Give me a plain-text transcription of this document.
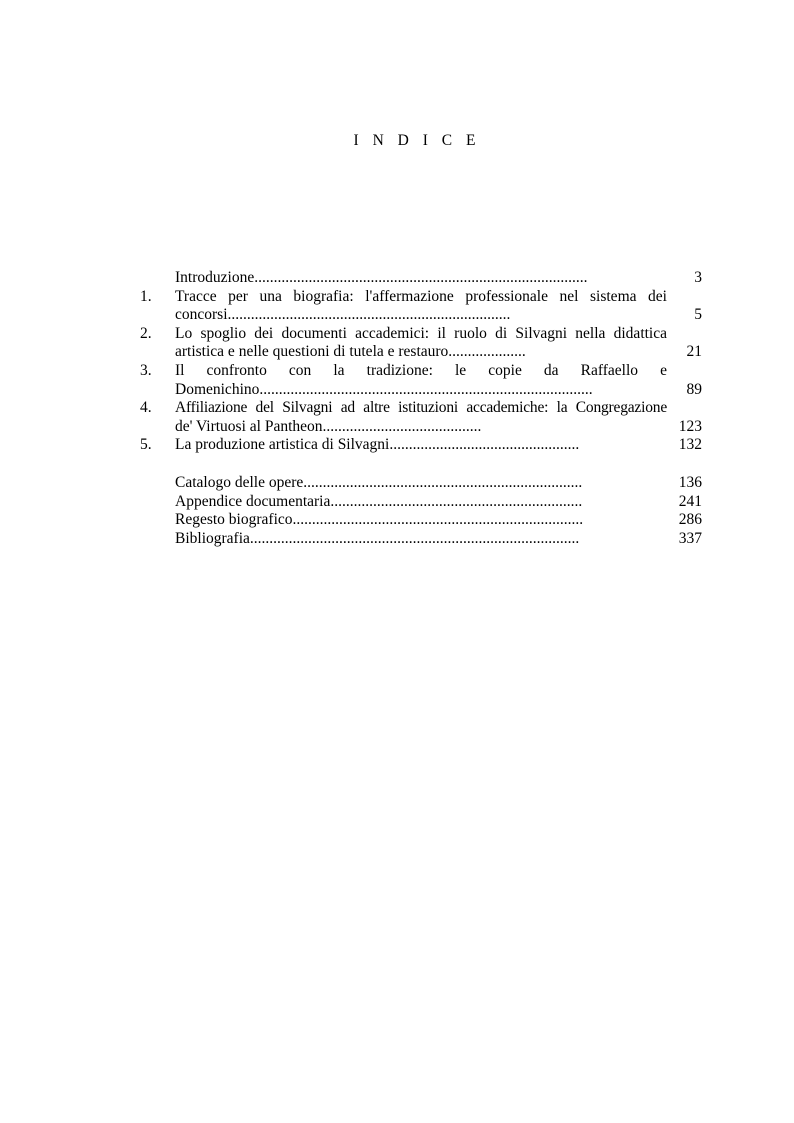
I N D I C E
Introduzione......................................................................................	3
1.	Tracce per una biografia: l'affermazione professionale nel sistema dei
concorsi.........................................................................	5
2.	Lo spoglio dei documenti accademici: il ruolo di Silvagni nella didattica
artistica e nelle questioni di tutela e restauro....................	21
3.	Il confronto con la tradizione: le copie da Raffaello e
Domenichino......................................................................................	89
4.	Affiliazione del Silvagni ad altre istituzioni accademiche: la Congregazione
de' Virtuosi al Pantheon.........................................	123
5.	La produzione artistica di Silvagni.................................................	132
Catalogo delle opere........................................................................	136
Appendice documentaria.................................................................	241
Regesto biografico...........................................................................	286
Bibliografia.....................................................................................	337
